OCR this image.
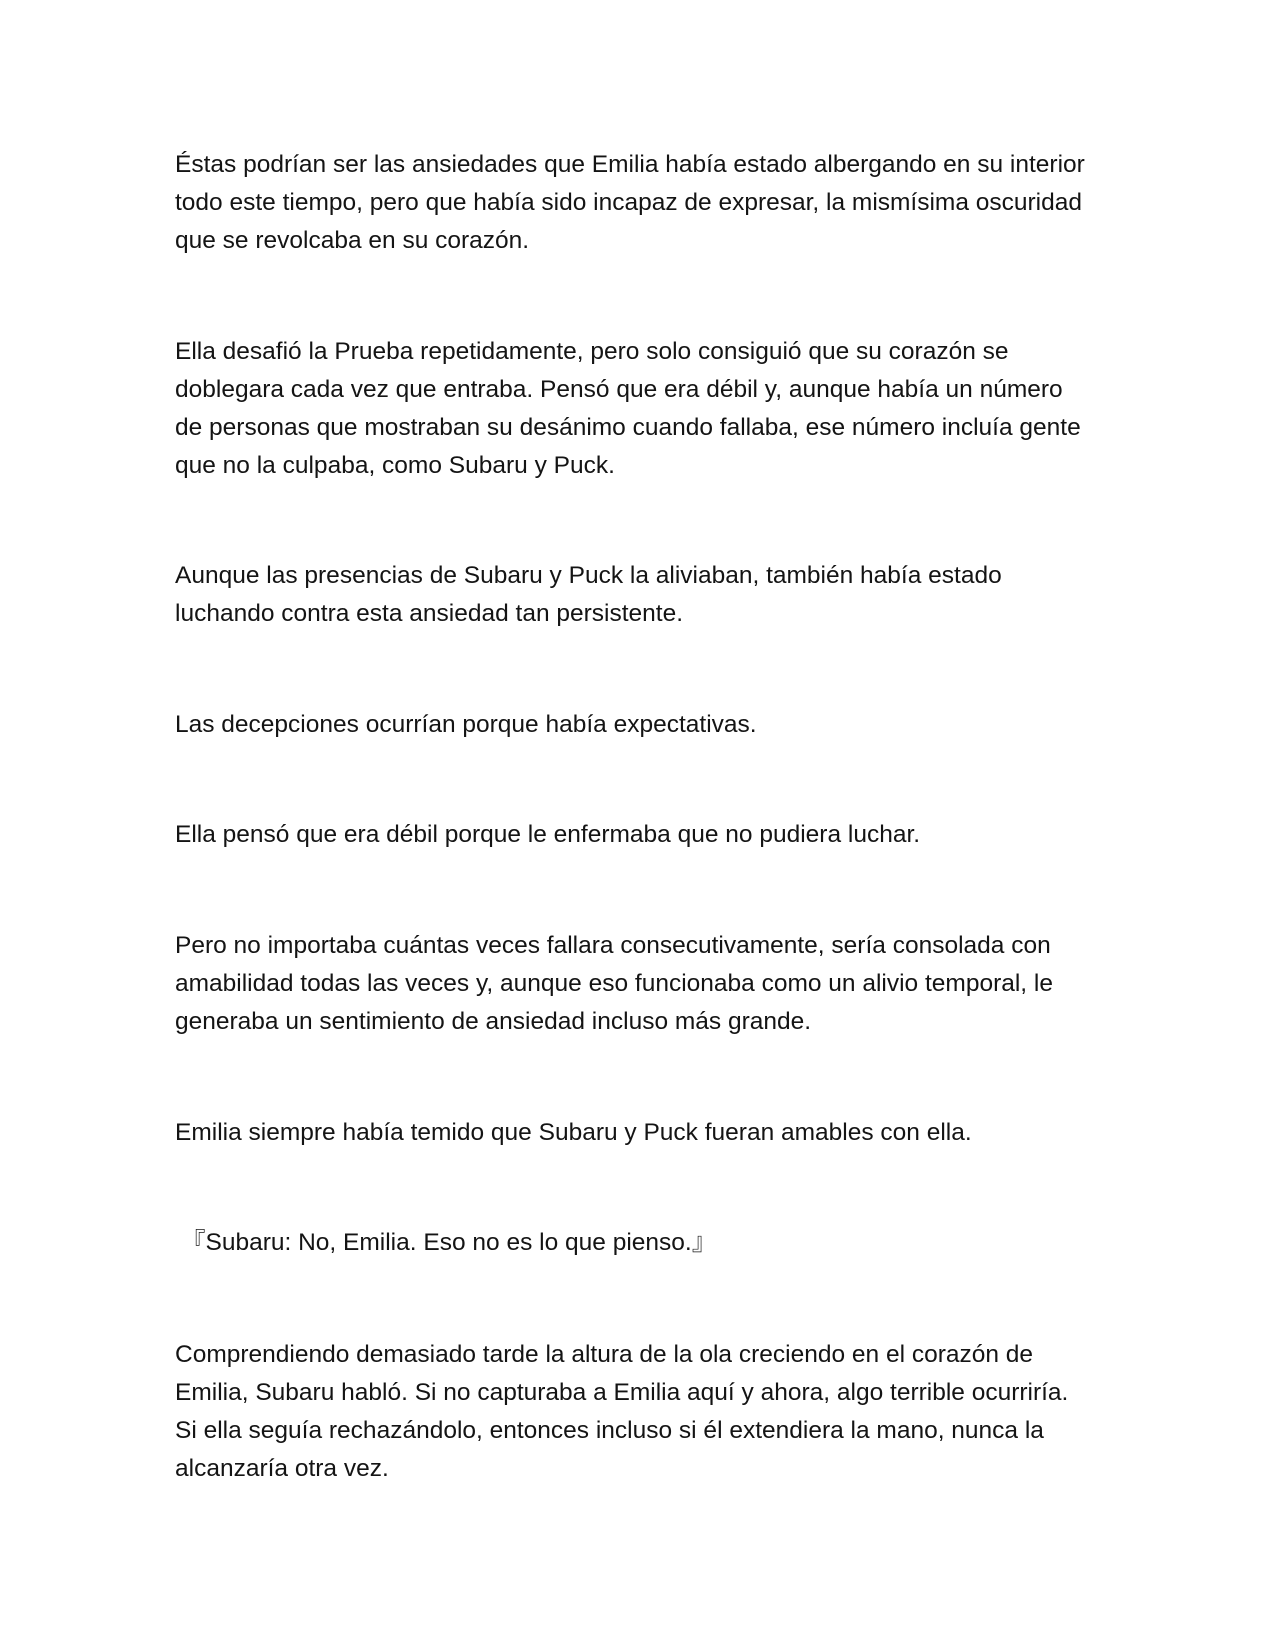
Éstas podrían ser las ansiedades que Emilia había estado albergando en su interior todo este tiempo, pero que había sido incapaz de expresar, la mismísima oscuridad que se revolcaba en su corazón.

Ella desafió la Prueba repetidamente, pero solo consiguió que su corazón se doblegara cada vez que entraba. Pensó que era débil y, aunque había un número de personas que mostraban su desánimo cuando fallaba, ese número incluía gente que no la culpaba, como Subaru y Puck.

Aunque las presencias de Subaru y Puck la aliviaban, también había estado luchando contra esta ansiedad tan persistente.

Las decepciones ocurrían porque había expectativas.

Ella pensó que era débil porque le enfermaba que no pudiera luchar.

Pero no importaba cuántas veces fallara consecutivamente, sería consolada con amabilidad todas las veces y, aunque eso funcionaba como un alivio temporal, le generaba un sentimiento de ansiedad incluso más grande.

Emilia siempre había temido que Subaru y Puck fueran amables con ella.

『Subaru: No, Emilia. Eso no es lo que pienso.』

Comprendiendo demasiado tarde la altura de la ola creciendo en el corazón de Emilia, Subaru habló. Si no capturaba a Emilia aquí y ahora, algo terrible ocurriría. Si ella seguía rechazándolo, entonces incluso si él extendiera la mano, nunca la alcanzaría otra vez.
